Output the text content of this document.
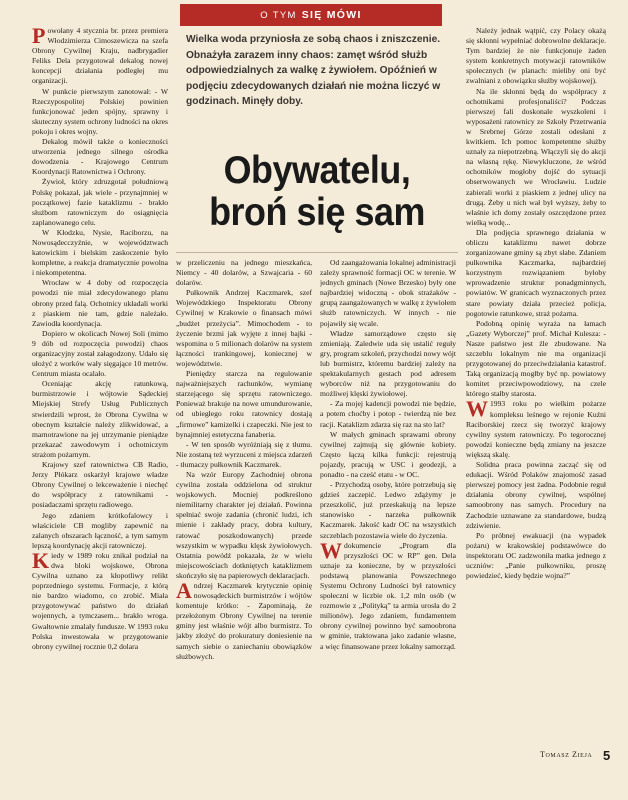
O TYM SIĘ MÓWI

Powołany 4 stycznia br. przez premiera Włodzimierza Cimoszewicza na szefa Obrony Cywilnej Kraju, nadbrygadier Feliks Dela przygotował dekalog nowej koncepcji działania podległej mu organizacji.

W punkcie pierwszym zanotował: - W Rzeczypospolitej Polskiej powinien funkcjonować jeden spójny, sprawny i skuteczny system ochrony ludności na okres pokoju i okres wojny.

Dekalog mówił także o konieczności utworzenia jednego silnego ośrodka dowodzenia - Krajowego Centrum Koordynacji Ratownictwa i Ochrony.

Żywioł, który zdruzgotał południową Polskę pokazał, jak wiele - przynajmniej w początkowej fazie kataklizmu - brakło służbom ratowniczym do osiągnięcia zaplanowanego celu.

W Kłodzku, Nysie, Raciborzu, na Nowosądecczyźnie, w województwach katowickim i bielskim zaskoczenie było kompletne, a reakcja dramatycznie powolna i niekompetentna.

Wrocław w 4 doby od rozpoczęcia powodzi nie miał zdecydowanego planu obrony przed falą. Ochotnicy układali worki z piaskiem nie tam, gdzie należało. Zawiodła koordynacja.

Dopiero w okolicach Nowej Soli (mimo 9 dób od rozpoczęcia powodzi) chaos organizacyjny został załagodzony. Udało się ułożyć z worków wały sięgające 10 metrów. Centrum miasta ocalało.

Oceniając akcję ratunkową, burmistrzowie i wójtowie Sądeckiej Miejskiej Strefy Usług Publicznych stwierdzili wprost, że Obrona Cywilna w obecnym kształcie należy zlikwidować, a marnotrawione na jej utrzymanie pieniądze przekazać zawodowym i ochotniczym strażom pożarnym.

Krajowy szef ratownictwa CB Radio, Jerzy Płókarz oskarżył krajowe władze Obrony Cywilnej o lekceważenie i niechęć do współpracy z ratownikami - posiadaczami sprzętu radiowego.

Jego zdaniem krótkofalowcy i właściciele CB mogliby zapewnić na zalanych obszarach łączność, a tym samym lepszą koordynację akcji ratowniczej.

Kiedy w 1989 roku znikał podział na dwa bloki wojskowe, Obrona Cywilna uznano za kłopotliwy relikt poprzedniego systemu. Formacje, z którą nie bardzo wiadomo, co zrobić. Miała przygotowywać państwo do działań wojennych, a tymczasem... brakło wroga. Gwałtownie zmalały fundusze. W 1993 roku Polska inwestowała w przygotowanie obrony cywilnej rocznie 0,2 dolara

Wielka woda przyniosła ze sobą chaos i zniszczenie. Obnażyła zarazem inny chaos: zamęt wśród służb odpowiedzialnych za walkę z żywiołem. Opóźnień w podjęciu zdecydowanych działań nie można liczyć w godzinach. Minęły doby.
Obywatelu,
broń się sam

w przeliczeniu na jednego mieszkańca, Niemcy - 40 dolarów, a Szwajcaria - 60 dolarów.

Pułkownik Andrzej Kaczmarek, szef Wojewódzkiego Inspektoratu Obrony Cywilnej w Krakowie o finansach mówi „budżet przeżycia”. Mimochodem - to życzenie brzmi jak wyjęte z innej bajki - wspomina o 5 milionach dolarów na system łączności trankingowej, koniecznej w województwie.

Pieniędzy starcza na regulowanie najważniejszych rachunków, wymianę starzejącego się sprzętu ratowniczego. Ponieważ brakuje na nowe umundurowanie, od ubiegłego roku ratownicy dostają „firmowe” kamizelki i czapeczki. Nie jest to bynajmniej estetyczna fanaberia.

- W ten sposób wyróżniają się z tłumu. Nie zostaną też wyrzuceni z miejsca zdarzeń - tłumaczy pułkownik Kaczmarek.

Na wzór Europy Zachodniej obrona cywilna została oddzielona od struktur wojskowych. Mocniej podkreślono niemilitarny charakter jej działań. Powinna spełniać swoje zadania (chronić ludzi, ich mienie i zakłady pracy, dobra kultury, ratować poszkodowanych) przede wszystkim w wypadku klęsk żywiołowych. Ostatnia powódź pokazała, że w wielu miejscowościach dotkniętych kataklizmem skończyło się na papierowych deklaracjach.

Andrzej Kaczmarek krytycznie opinię nowosądeckich burmistrzów i wójtów komentuje krótko: - Zapominają, że przełożonym Obrony Cywilnej na terenie gminy jest właśnie wójt albo burmistrz. To jakby złożyć do prokuratury doniesienie na samych siebie o zaniechaniu obowiązków służbowych.

Od zaangażowania lokalnej administracji zależy sprawność formacji OC w terenie. W jednych gminach (Nowe Brzesko) były one najbardziej widoczną - obok strażaków - grupą zaangażowanych w walkę z żywiołem służb ratowniczych. W innych - nie pojawiły się wcale.

Władze samorządowe często się zmieniają. Zaledwie uda się ustalić reguły gry, program szkoleń, przychodzi nowy wójt lub burmistrz, któremu bardziej zależy na spektakularnych gestach pod adresem wyborców niż na przygotowaniu do możliwej klęski żywiołowej.

- Za mojej kadencji powodzi nie będzie, a potem choćby i potop - twierdzą nie bez racji. Kataklizm zdarza się raz na sto lat?

W małych gminach sprawami obrony cywilnej zajmują się głównie kobiety. Często łączą kilka funkcji: rejestrują pojazdy, pracują w USC i geodezji, a ponadto - na cześć etatu - w OC.

- Przychodzą osoby, które potrzebują się gdzieś zaczepić. Ledwo zdążymy je przeszkolić, już przeskakują na lepsze stanowisko - narzeka pułkownik Kaczmarek. Jakość kadr OC na wszystkich szczeblach pozostawia wiele do życzenia.

W dokumencie „Program dla przyszłości OC w RP” gen. Dela uznaje za konieczne, by w przyszłości podstawą planowania Powszechnego Systemu Ochrony Ludności był ratownicy społeczni w liczbie ok. 1,2 mln osób (w rozmowie z „Polityką” ta armia urosła do 2 milionów). Jego zdaniem, fundamentem obrony cywilnej powinno być samoobrona w gminie, traktowana jako zadanie własne, a więc finansowane przez lokalny samorząd.

Należy jednak wątpić, czy Polacy okażą się skłonni wypełniać dobrowolne deklaracje. Tym bardziej że nie funkcjonuje żaden system konkretnych motywacji ratowników społecznych (w planach: mieliby oni być zwalniani z obowiązku służby wojskowej).

Na ile skłonni będą do współpracy z ochotnikami profesjonaliści? Podczas pierwszej fali doskonale wyszkoleni i wyposażeni ratownicy ze Szkoły Przetrwania w Srebrnej Górze zostali odesłani z kwitkiem. Ich pomoc kompetentne służby uznały za niepotrzebną. Włączyli się do akcji na własną rękę. Niewykluczone, że wśród ochotników mogłoby dojść do sytuacji obserwowanych we Wrocławiu. Ludzie zabierali worki z piaskiem z jednej ulicy na drugą. Żeby u nich wał był wyższy, żeby to właśnie ich domy zostały oszczędzone przez wielką wodę...

Dla podjęcia sprawnego działania w obliczu kataklizmu nawet dobrze zorganizowane gminy są zbyt słabe. Zdaniem pułkownika Kaczmarka, najbardziej korzystnym rozwiązaniem byłoby wprowadzenie struktur ponadgminnych, powiatów. W granicach wyznaczonych przez stare powiaty działa przecież policja, pogotowie ratunkowe, straż pożarna.

Podobną opinię wyraża na łamach „Gazety Wyborczej” prof. Michał Kulesza: - Nasze państwo jest źle zbudowane. Na szczeblu lokalnym nie ma organizacji przygotowanej do przeciwdziałania katastrof. Taką organizacją mogłby być np. powiatowy komitet przeciwpowodziowy, na czele którego stałby starosta.

W 1993 roku po wielkim pożarze kompleksu leśnego w rejonie Kuźni Raciborskiej rzecz się tworzyć krajowy cywilny system ratowniczy. Po tegorocznej powodzi konieczne będą zmiany na jeszcze większą skalę.

Solidna praca powinna zacząć się od edukacji. Wśród Polaków znajomość zasad pierwszej pomocy jest żadna. Podobnie reguł działania obrony cywilnej, wspólnej samoobrony nas samych. Procedury na Zachodzie uznawane za standardowe, budzą zdziwienie.

Po próbnej ewakuacji (na wypadek pożaru) w krakowskiej podstawówce do inspektoratu OC zadzwoniła matka jednego z uczniów: „Panie pułkowniku, proszę powiedzieć, kiedy będzie wojna?”

Tomasz Zieja 5
